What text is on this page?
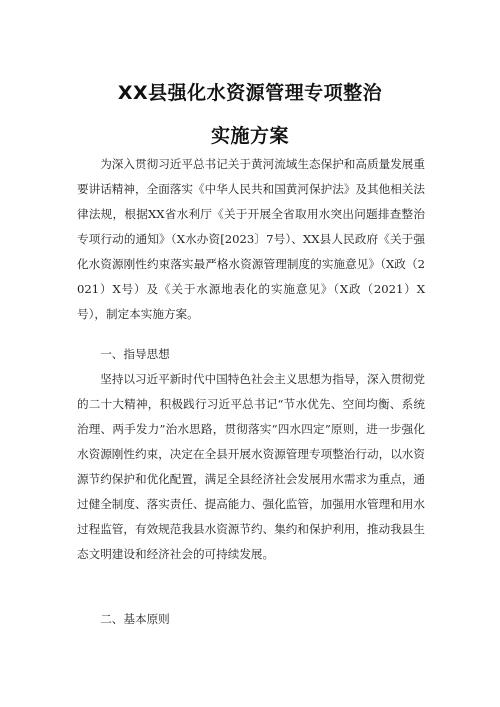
XX县强化水资源管理专项整治
实施方案

为深入贯彻习近平总书记关于黄河流域生态保护和高质量发展重要讲话精神，全面落实《中华人民共和国黄河保护法》及其他相关法律法规，根据XX省水利厅《关于开展全省取用水突出问题排查整治专项行动的通知》（X水办资[2023〕7号）、XX县人民政府《关于强化水资源刚性约束落实最严格水资源管理制度的实施意见》（X政（2021）X号）及《关于水源地表化的实施意见》（X政（2021）X号），制定本实施方案。

一、指导思想

坚持以习近平新时代中国特色社会主义思想为指导，深入贯彻党的二十大精神，积极践行习近平总书记“节水优先、空间均衡、系统治理、两手发力”治水思路，贯彻落实“四水四定”原则，进一步强化水资源刚性约束，决定在全县开展水资源管理专项整治行动，以水资源节约保护和优化配置，满足全县经济社会发展用水需求为重点，通过健全制度、落实责任、提高能力、强化监管，加强用水管理和用水过程监管，有效规范我县水资源节约、集约和保护利用，推动我县生态文明建设和经济社会的可持续发展。

二、基本原则
